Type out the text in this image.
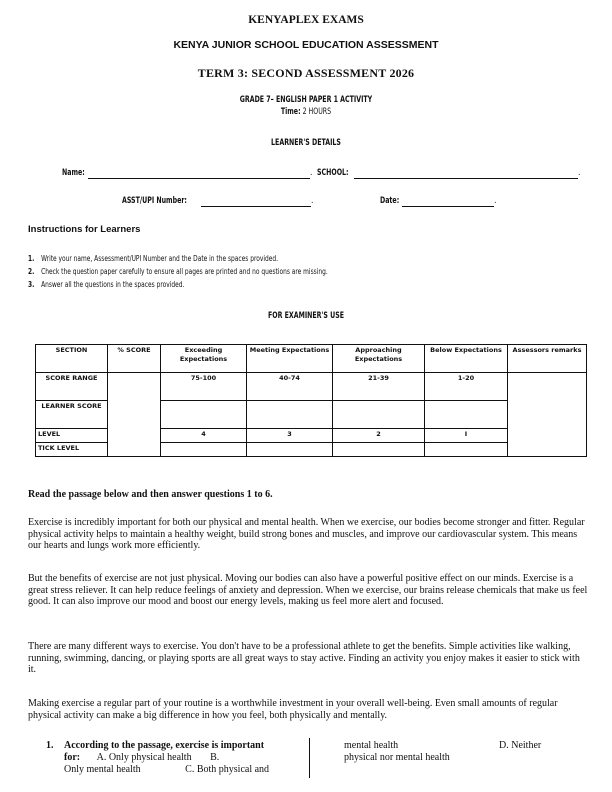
KENYAPLEX EXAMS
KENYA JUNIOR SCHOOL EDUCATION ASSESSMENT
TERM 3: SECOND ASSESSMENT 2026
GRADE 7– ENGLISH PAPER 1 ACTIVITY
Time: 2 HOURS
LEARNER'S DETAILS
Name:	. SCHOOL:	.
ASST/UPI Number:	.	Date:	.
Instructions for Learners
1. Write your name, Assessment/UPI Number and the Date in the spaces provided.
2. Check the question paper carefully to ensure all pages are printed and no questions are missing.
3. Answer all the questions in the spaces provided.
FOR EXAMINER'S USE
SECTION	% SCORE	Exceeding Expectations	Meeting Expectations	Approaching Expectations	Below Expectations	Assessors remarks
SCORE RANGE		75-100	40-74	21-39	1-20	
LEARNER SCORE						
LEVEL		4	3	2	I	
TICK LEVEL						
Read the passage below and then answer questions 1 to 6.
Exercise is incredibly important for both our physical and mental health. When we exercise, our bodies become stronger and fitter. Regular physical activity helps to maintain a healthy weight, build strong bones and muscles, and improve our cardiovascular system. This means our hearts and lungs work more efficiently.
But the benefits of exercise are not just physical. Moving our bodies can also have a powerful positive effect on our minds. Exercise is a great stress reliever. It can help reduce feelings of anxiety and depression. When we exercise, our brains release chemicals that make us feel good. It can also improve our mood and boost our energy levels, making us feel more alert and focused.
There are many different ways to exercise. You don't have to be a professional athlete to get the benefits. Simple activities like walking, running, swimming, dancing, or playing sports are all great ways to stay active. Finding an activity you enjoy makes it easier to stick with it.
Making exercise a regular part of your routine is a worthwhile investment in your overall well-being. Even small amounts of regular physical activity can make a big difference in how you feel, both physically and mentally.
1. According to the passage, exercise is important
for: A. Only physical health B.
Only mental health	C. Both physical and
mental health	D. Neither
physical nor mental health
